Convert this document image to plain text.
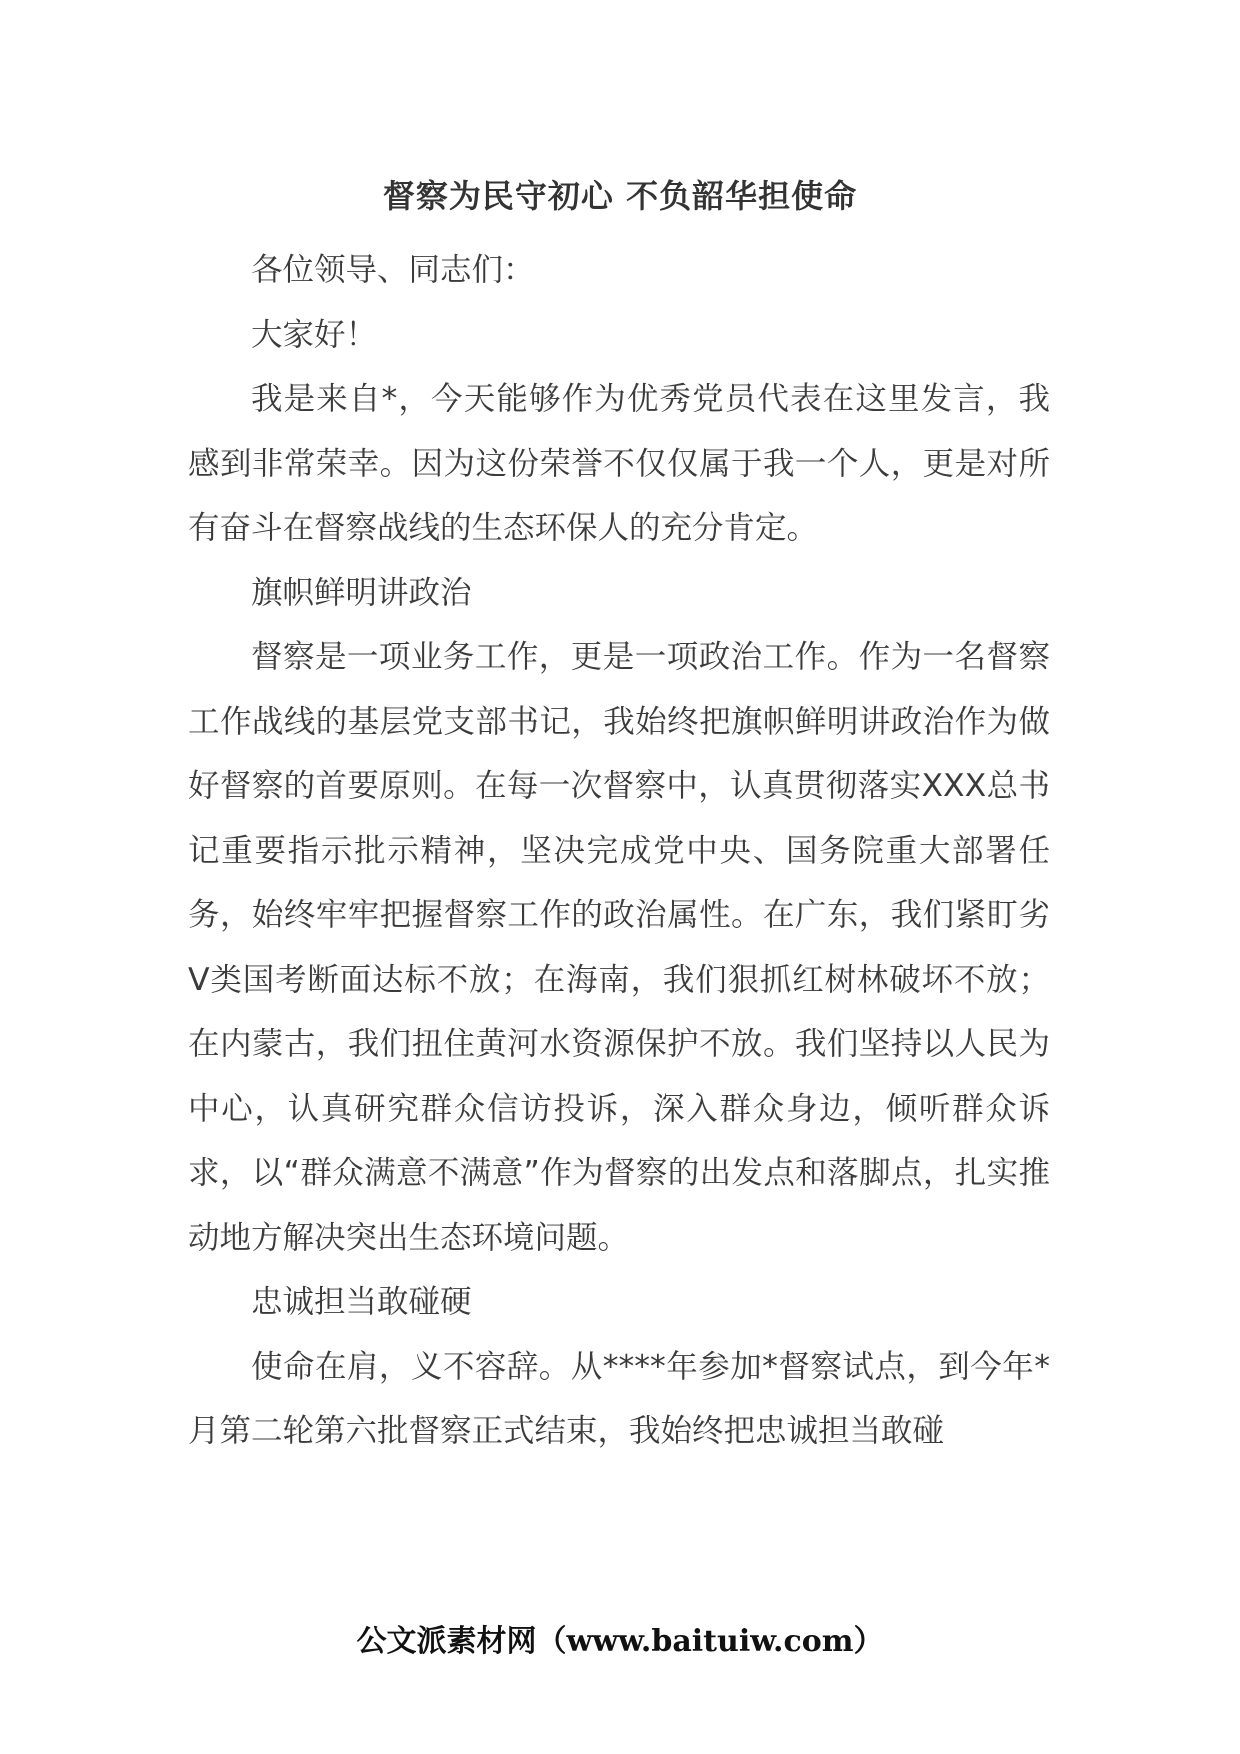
督察为民守初心 不负韶华担使命

各位领导、同志们：

大家好！

我是来自*，今天能够作为优秀党员代表在这里发言，我感到非常荣幸。因为这份荣誉不仅仅属于我一个人，更是对所有奋斗在督察战线的生态环保人的充分肯定。

旗帜鲜明讲政治

督察是一项业务工作，更是一项政治工作。作为一名督察工作战线的基层党支部书记，我始终把旗帜鲜明讲政治作为做好督察的首要原则。在每一次督察中，认真贯彻落实XXX总书记重要指示批示精神，坚决完成党中央、国务院重大部署任务，始终牢牢把握督察工作的政治属性。在广东，我们紧盯劣Ⅴ类国考断面达标不放；在海南，我们狠抓红树林破坏不放；在内蒙古，我们扭住黄河水资源保护不放。我们坚持以人民为中心，认真研究群众信访投诉，深入群众身边，倾听群众诉求，以“群众满意不满意”作为督察的出发点和落脚点，扎实推动地方解决突出生态环境问题。

忠诚担当敢碰硬

使命在肩，义不容辞。从****年参加*督察试点，到今年*月第二轮第六批督察正式结束，我始终把忠诚担当敢碰

公文派素材网（www.baituiw.com）
